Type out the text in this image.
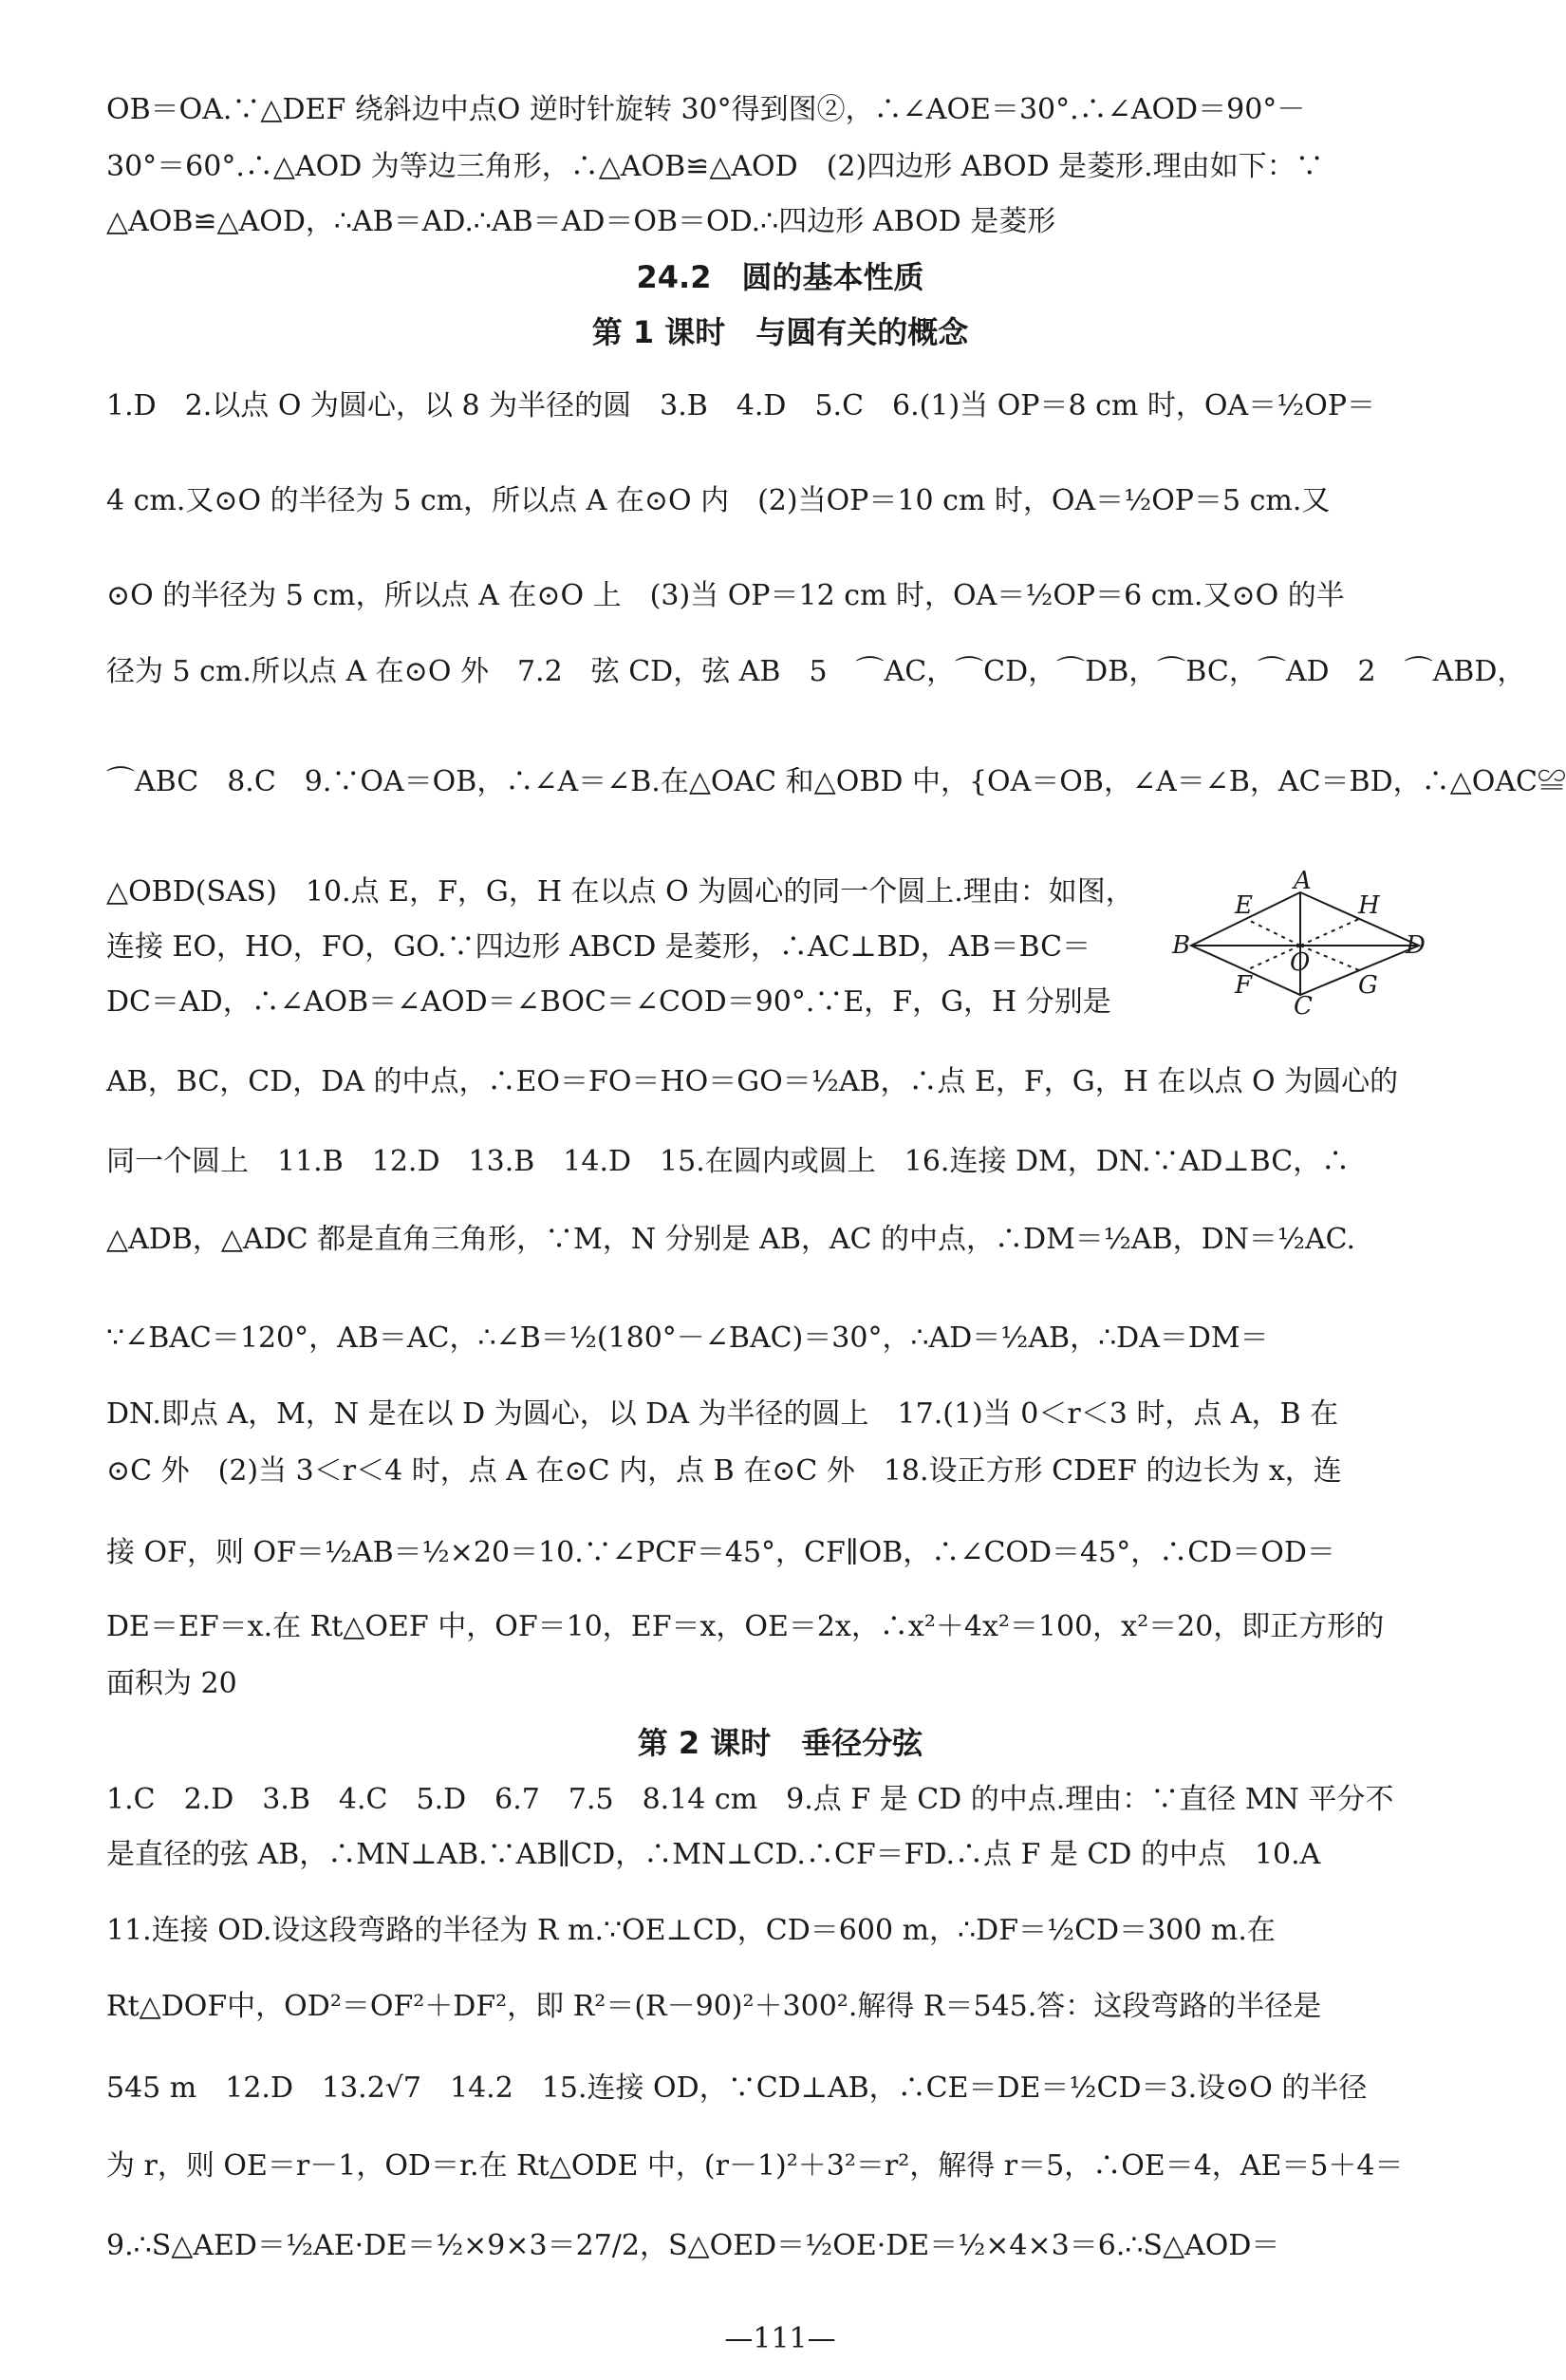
OB＝OA.∵△DEF 绕斜边中点O 逆时针旋转 30°得到图②，∴∠AOE＝30°.∴∠AOD＝90°－
30°＝60°.∴△AOD 为等边三角形，∴△AOB≌△AOD　(2)四边形 ABOD 是菱形.理由如下：∵
△AOB≌△AOD，∴AB＝AD.∴AB＝AD＝OB＝OD.∴四边形 ABOD 是菱形
24.2　圆的基本性质
第 1 课时　与圆有关的概念
1.D　2.以点 O 为圆心，以 8 为半径的圆　3.B　4.D　5.C　6.(1)当 OP＝8 cm 时，OA＝½OP＝
4 cm.又⊙O 的半径为 5 cm，所以点 A 在⊙O 内　(2)当OP＝10 cm 时，OA＝½OP＝5 cm.又
⊙O 的半径为 5 cm，所以点 A 在⊙O 上　(3)当 OP＝12 cm 时，OA＝½OP＝6 cm.又⊙O 的半
径为 5 cm.所以点 A 在⊙O 外　7.2　弦 CD，弦 AB　5　⌒AC，⌒CD，⌒DB，⌒BC，⌒AD　2　⌒ABD，
⌒ABC　8.C　9.∵OA＝OB，∴∠A＝∠B.在△OAC 和△OBD 中，{OA＝OB，∠A＝∠B，AC＝BD，∴△OAC≌
△OBD(SAS)　10.点 E，F，G，H 在以点 O 为圆心的同一个圆上.理由：如图，
连接 EO，HO，FO，GO.∵四边形 ABCD 是菱形，∴AC⊥BD，AB＝BC＝
DC＝AD，∴∠AOB＝∠AOD＝∠BOC＝∠COD＝90°.∵E，F，G，H 分别是
A
B
C
D
E	H
F	G
O
AB，BC，CD，DA 的中点，∴EO＝FO＝HO＝GO＝½AB，∴点 E，F，G，H 在以点 O 为圆心的
同一个圆上　11.B　12.D　13.B　14.D　15.在圆内或圆上　16.连接 DM，DN.∵AD⊥BC，∴
△ADB，△ADC 都是直角三角形，∵M，N 分别是 AB，AC 的中点，∴DM＝½AB，DN＝½AC.
∵∠BAC＝120°，AB＝AC，∴∠B＝½(180°－∠BAC)＝30°，∴AD＝½AB，∴DA＝DM＝
DN.即点 A，M，N 是在以 D 为圆心，以 DA 为半径的圆上　17.(1)当 0＜r＜3 时，点 A，B 在
⊙C 外　(2)当 3＜r＜4 时，点 A 在⊙C 内，点 B 在⊙C 外　18.设正方形 CDEF 的边长为 x，连
接 OF，则 OF＝½AB＝½×20＝10.∵∠PCF＝45°，CF∥OB，∴∠COD＝45°，∴CD＝OD＝
DE＝EF＝x.在 Rt△OEF 中，OF＝10，EF＝x，OE＝2x，∴x²＋4x²＝100，x²＝20，即正方形的
面积为 20
第 2 课时　垂径分弦
1.C　2.D　3.B　4.C　5.D　6.7　7.5　8.14 cm　9.点 F 是 CD 的中点.理由：∵直径 MN 平分不
是直径的弦 AB，∴MN⊥AB.∵AB∥CD，∴MN⊥CD.∴CF＝FD.∴点 F 是 CD 的中点　10.A
11.连接 OD.设这段弯路的半径为 R m.∵OE⊥CD，CD＝600 m，∴DF＝½CD＝300 m.在
Rt△DOF中，OD²＝OF²＋DF²，即 R²＝(R－90)²＋300².解得 R＝545.答：这段弯路的半径是
545 m　12.D　13.2√7　14.2　15.连接 OD，∵CD⊥AB，∴CE＝DE＝½CD＝3.设⊙O 的半径
为 r，则 OE＝r－1，OD＝r.在 Rt△ODE 中，(r－1)²＋3²＝r²，解得 r＝5，∴OE＝4，AE＝5＋4＝
9.∴S△AED＝½AE·DE＝½×9×3＝27/2，S△OED＝½OE·DE＝½×4×3＝6.∴S△AOD＝
—111—
